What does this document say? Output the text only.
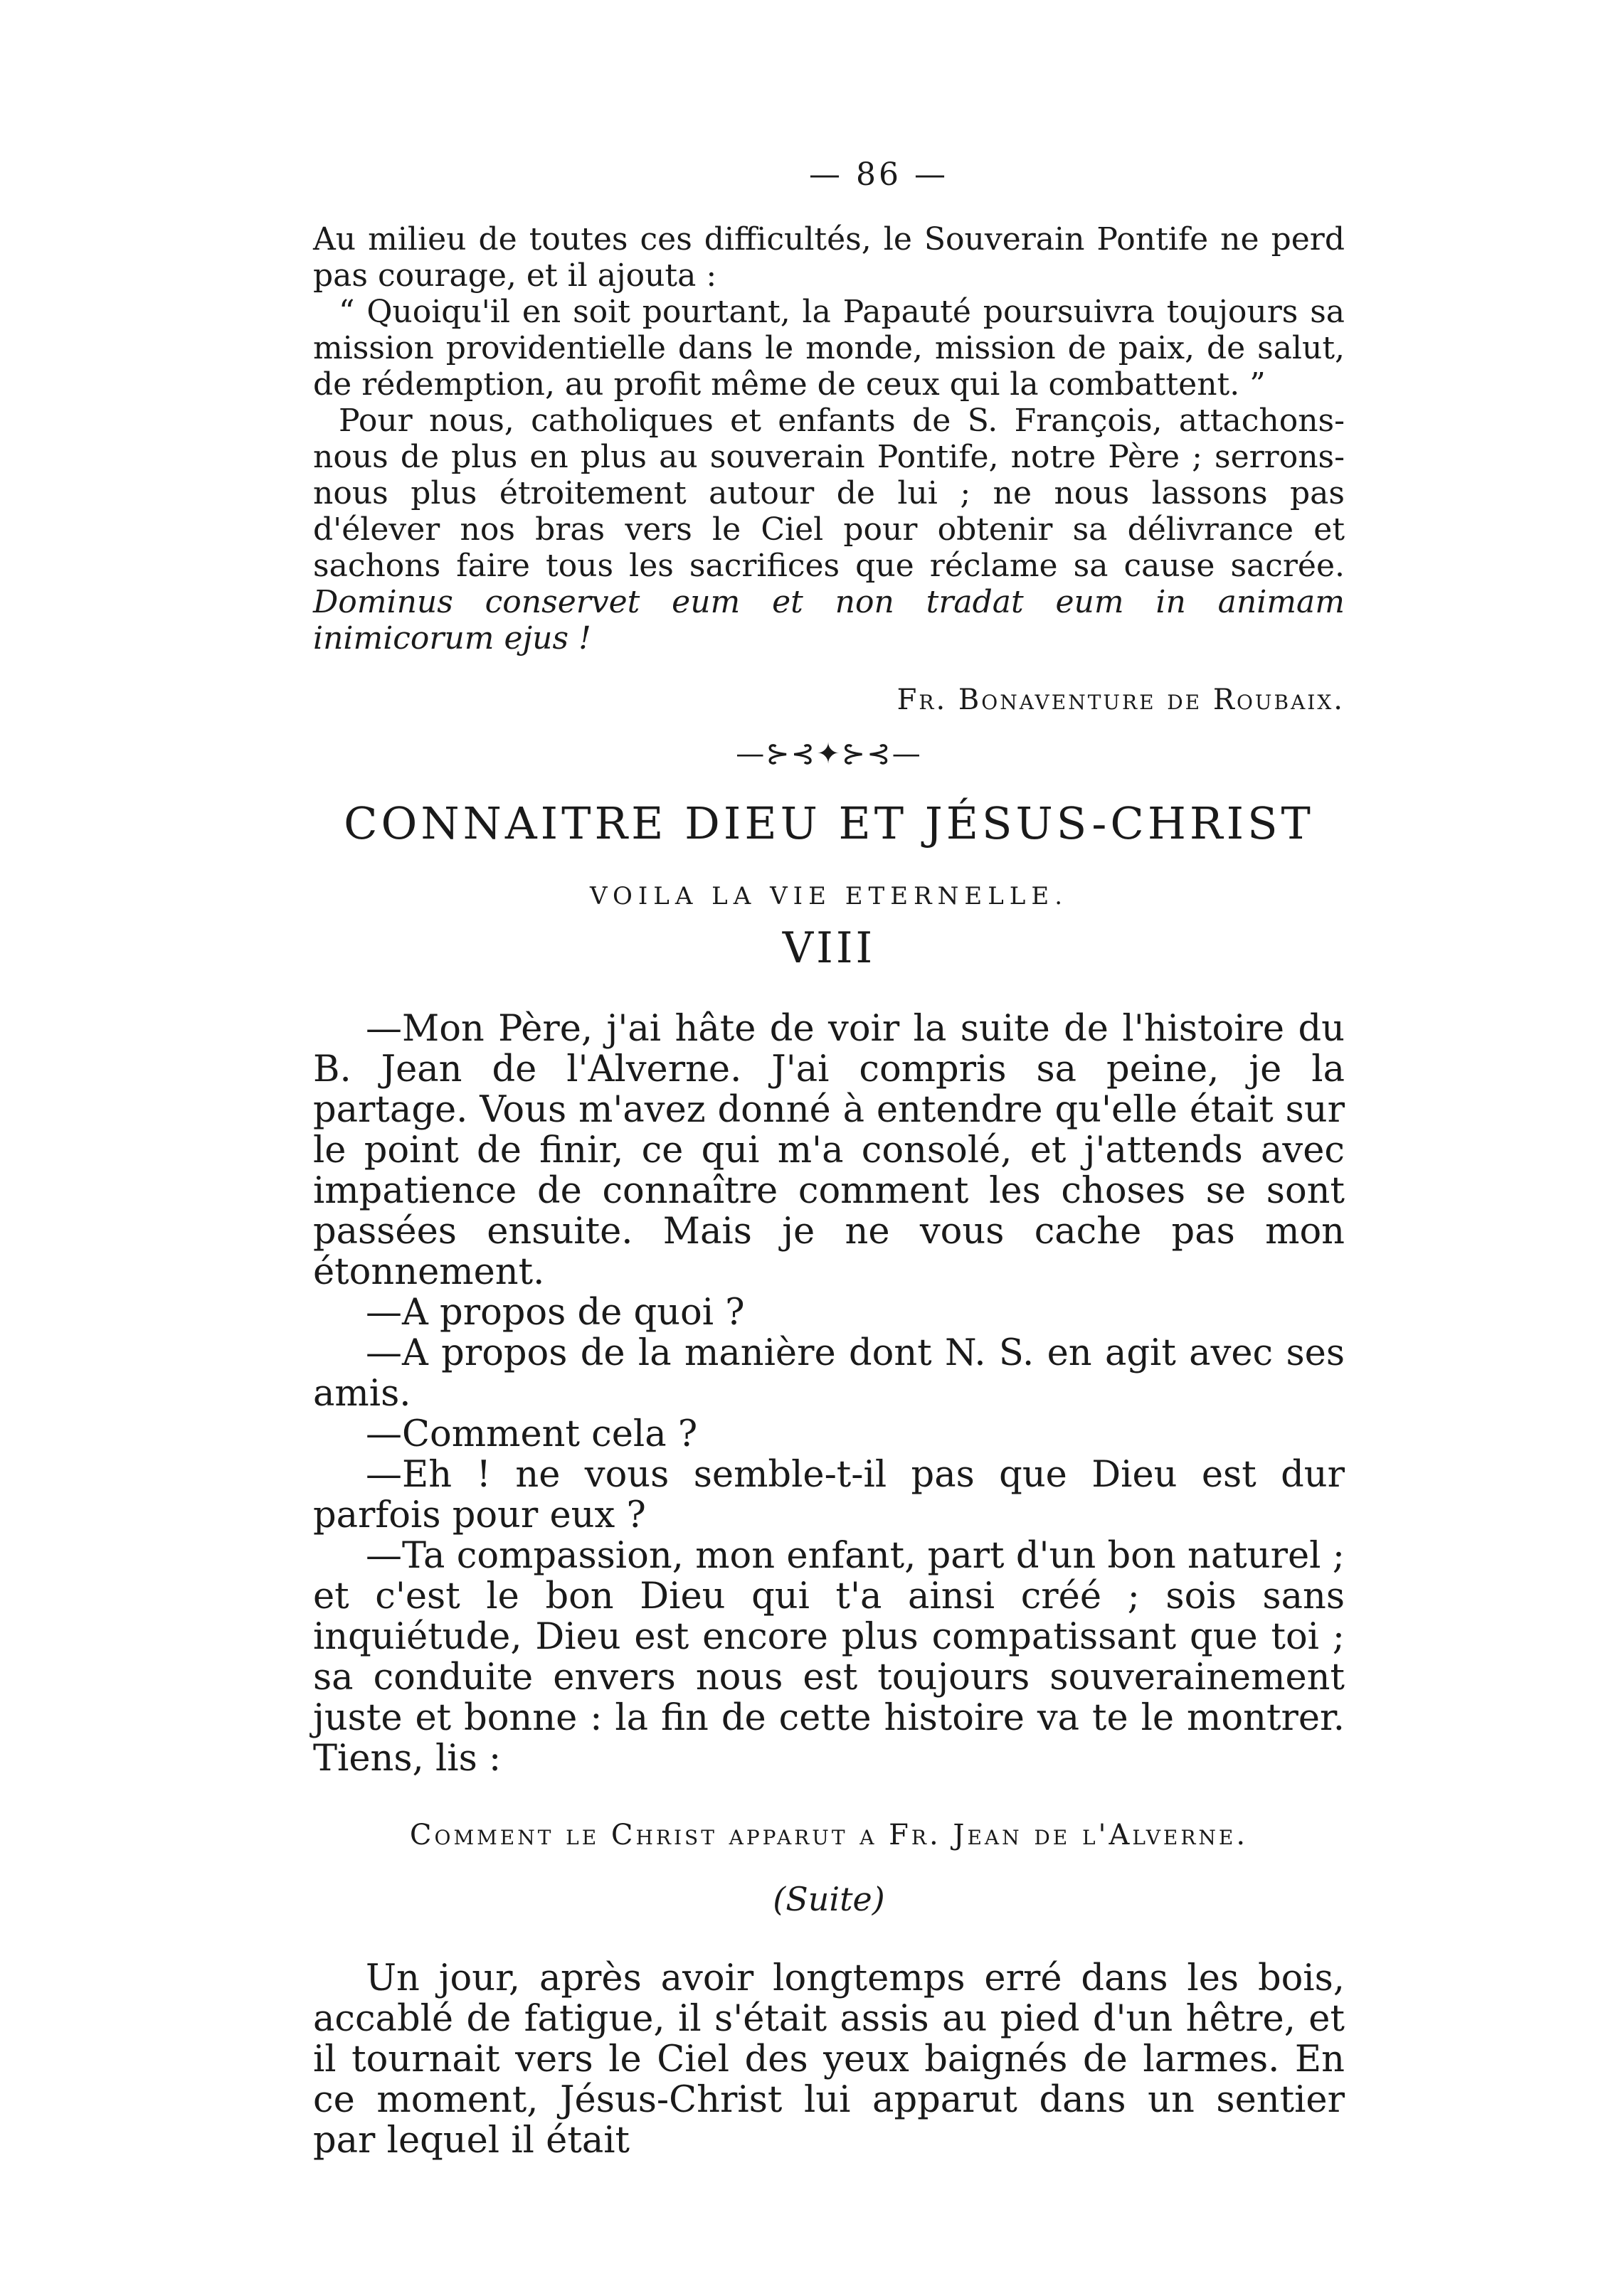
— 86 —

Au milieu de toutes ces difficultés, le Souverain Pontife ne perd pas courage, et il ajouta :

“ Quoiqu'il en soit pourtant, la Papauté poursuivra toujours sa mission providentielle dans le monde, mission de paix, de salut, de rédemption, au profit même de ceux qui la combattent. ”

Pour nous, catholiques et enfants de S. François, attachons-nous de plus en plus au souverain Pontife, notre Père ; serrons-nous plus étroitement autour de lui ; ne nous lassons pas d'élever nos bras vers le Ciel pour obtenir sa délivrance et sachons faire tous les sacrifices que réclame sa cause sacrée. Dominus conservet eum et non tradat eum in animam inimicorum ejus !

Fr. Bonaventure de Roubaix.
—⊱⊰✦⊱⊰—
CONNAITRE DIEU ET JÉSUS-CHRIST
VOILA LA VIE ETERNELLE.
VIII

—Mon Père, j'ai hâte de voir la suite de l'histoire du B. Jean de l'Alverne. J'ai compris sa peine, je la partage. Vous m'avez donné à entendre qu'elle était sur le point de finir, ce qui m'a consolé, et j'attends avec impatience de connaître comment les choses se sont passées ensuite. Mais je ne vous cache pas mon étonnement.

—A propos de quoi ?

—A propos de la manière dont N. S. en agit avec ses amis.

—Comment cela ?

—Eh ! ne vous semble-t-il pas que Dieu est dur parfois pour eux ?

—Ta compassion, mon enfant, part d'un bon naturel ; et c'est le bon Dieu qui t'a ainsi créé ; sois sans inquiétude, Dieu est encore plus compatissant que toi ; sa conduite envers nous est toujours souverainement juste et bonne : la fin de cette histoire va te le montrer. Tiens, lis :

Comment le Christ apparut a Fr. Jean de l'Alverne.
(Suite)

Un jour, après avoir longtemps erré dans les bois, accablé de fatigue, il s'était assis au pied d'un hêtre, et il tournait vers le Ciel des yeux baignés de larmes. En ce moment, Jésus-Christ lui apparut dans un sentier par lequel il était
